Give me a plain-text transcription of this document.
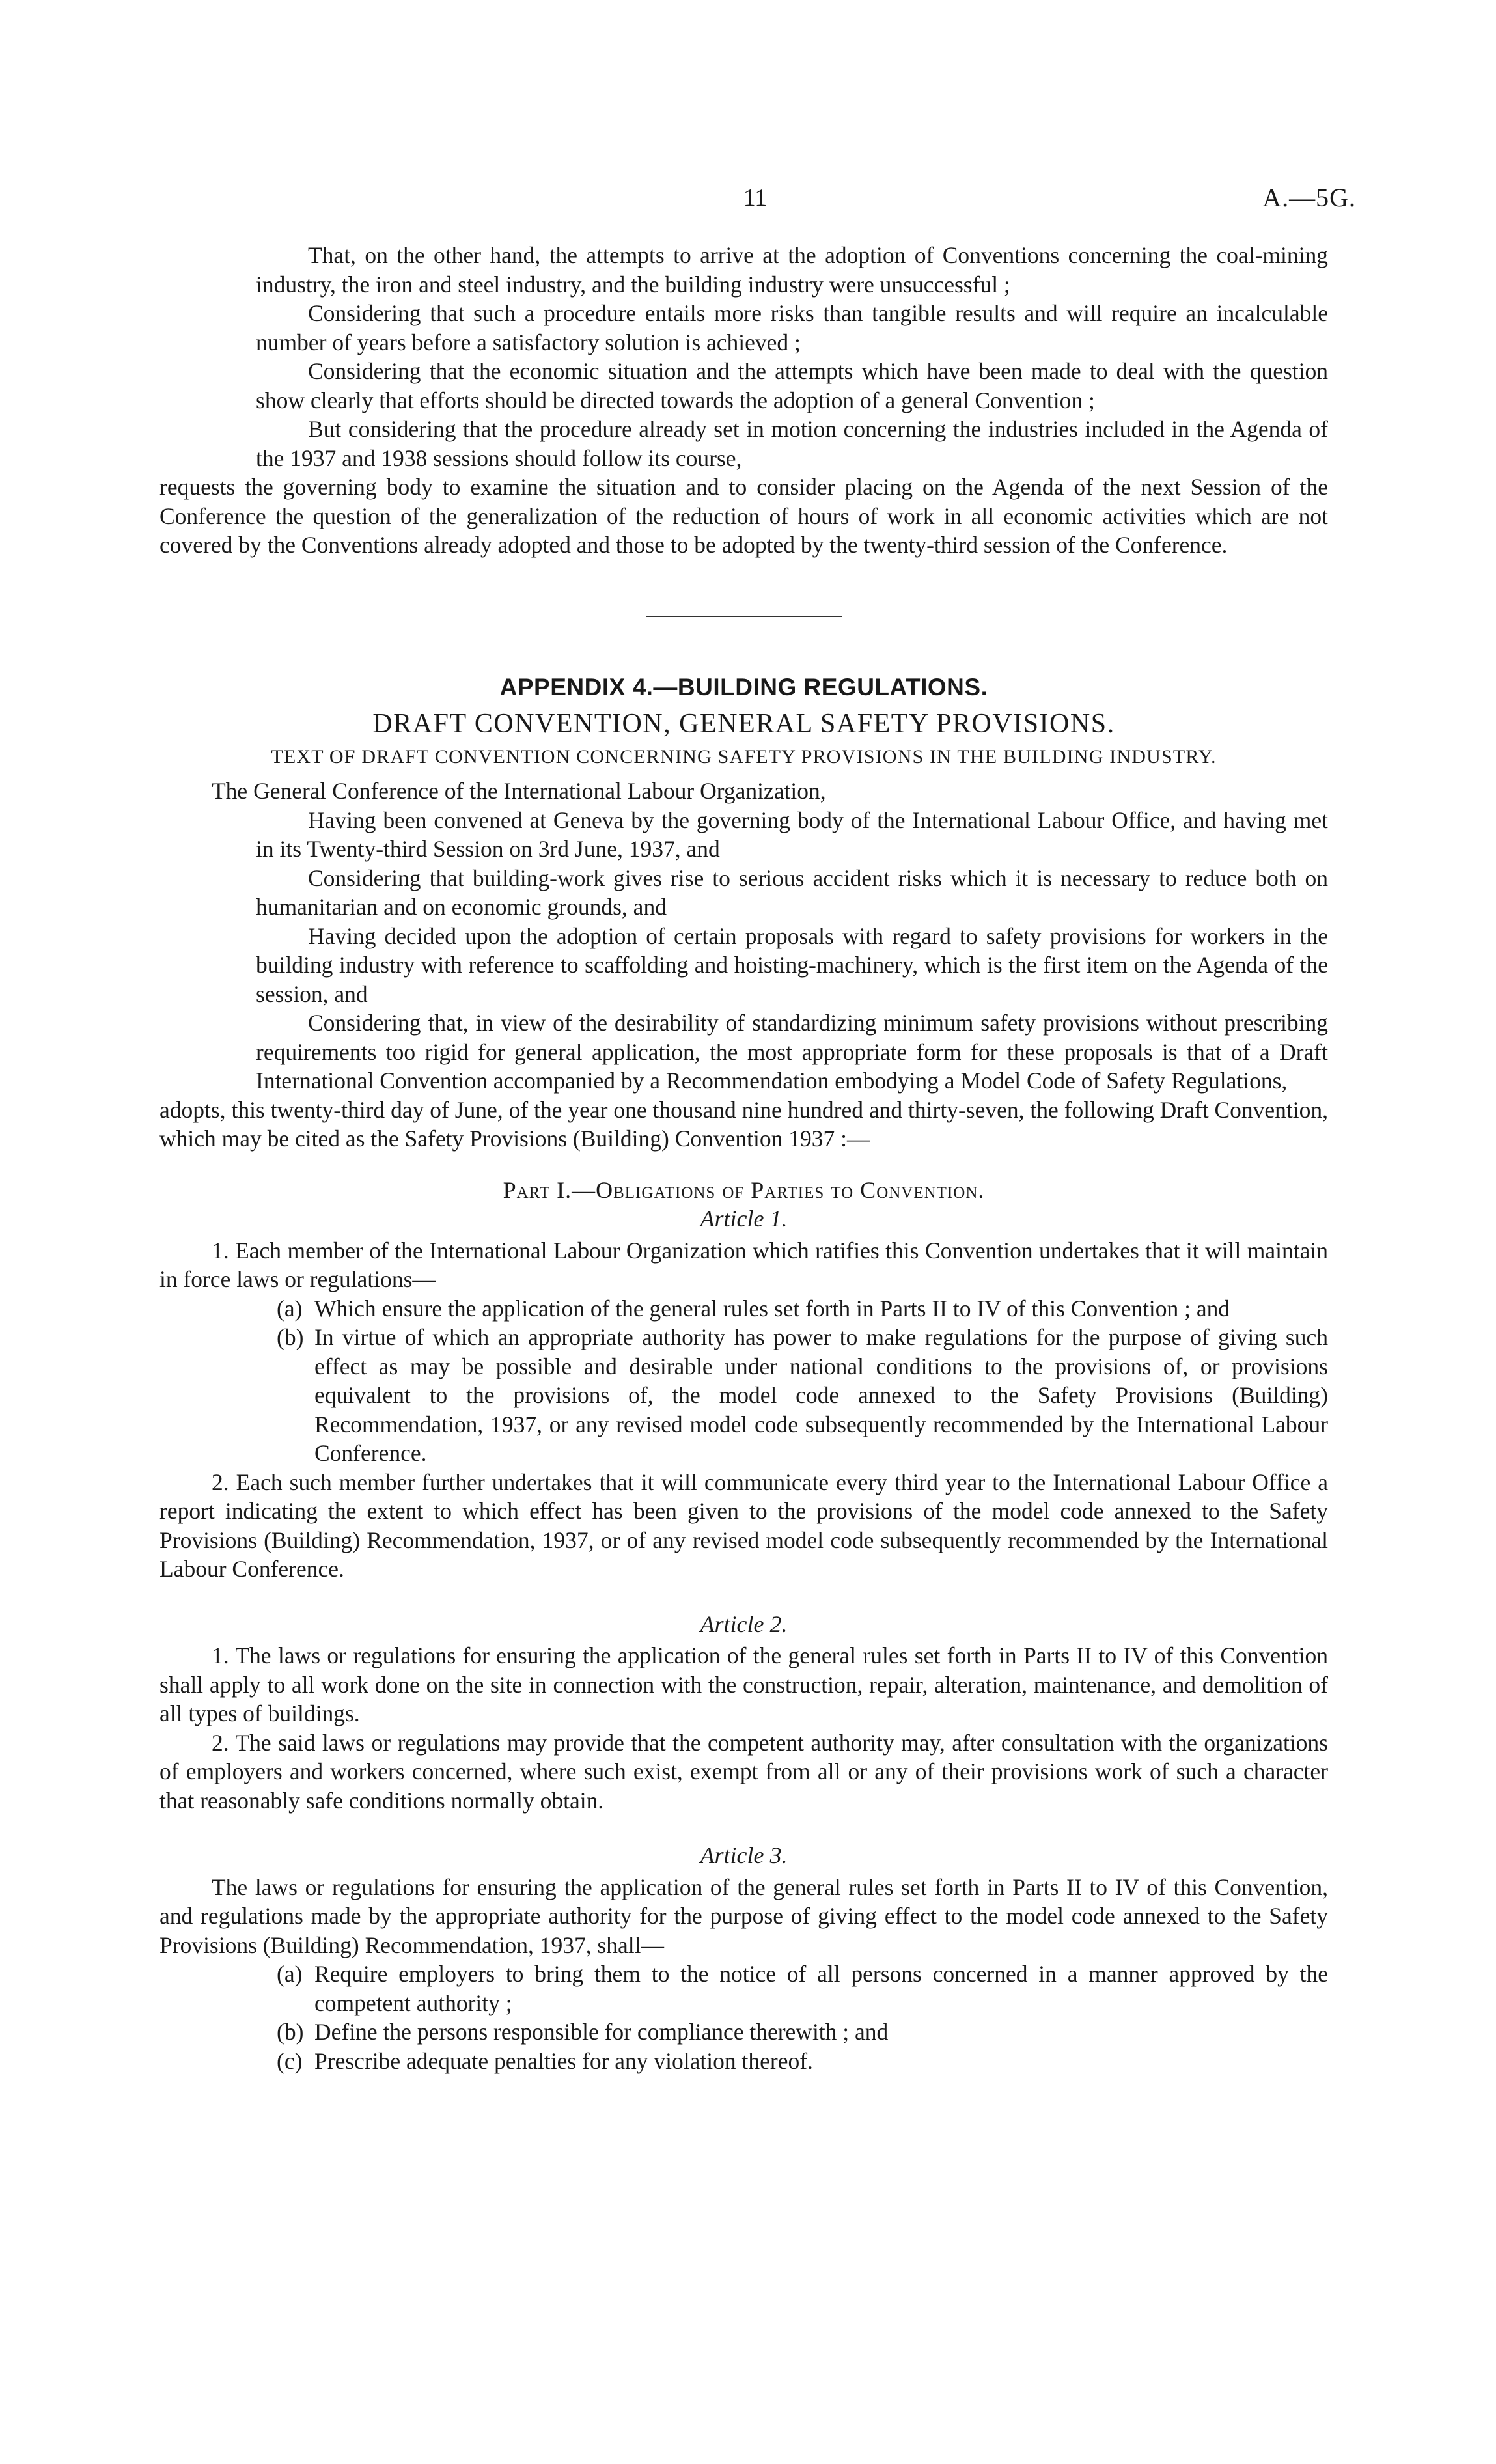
11	A.—5G.

That, on the other hand, the attempts to arrive at the adoption of Conventions concerning the coal-mining industry, the iron and steel industry, and the building industry were unsuccessful ;

Considering that such a procedure entails more risks than tangible results and will require an incalculable number of years before a satisfactory solution is achieved ;

Considering that the economic situation and the attempts which have been made to deal with the question show clearly that efforts should be directed towards the adoption of a general Convention ;

But considering that the procedure already set in motion concerning the industries included in the Agenda of the 1937 and 1938 sessions should follow its course,

requests the governing body to examine the situation and to consider placing on the Agenda of the next Session of the Conference the question of the generalization of the reduction of hours of work in all economic activities which are not covered by the Conventions already adopted and those to be adopted by the twenty-third session of the Conference.

APPENDIX 4.—BUILDING REGULATIONS.
DRAFT CONVENTION, GENERAL SAFETY PROVISIONS.
TEXT OF DRAFT CONVENTION CONCERNING SAFETY PROVISIONS IN THE BUILDING INDUSTRY.

The General Conference of the International Labour Organization,

Having been convened at Geneva by the governing body of the International Labour Office, and having met in its Twenty-third Session on 3rd June, 1937, and

Considering that building-work gives rise to serious accident risks which it is necessary to reduce both on humanitarian and on economic grounds, and

Having decided upon the adoption of certain proposals with regard to safety provisions for workers in the building industry with reference to scaffolding and hoisting-machinery, which is the first item on the Agenda of the session, and

Considering that, in view of the desirability of standardizing minimum safety provisions without prescribing requirements too rigid for general application, the most appropriate form for these proposals is that of a Draft International Convention accompanied by a Recommendation embodying a Model Code of Safety Regulations,

adopts, this twenty-third day of June, of the year one thousand nine hundred and thirty-seven, the following Draft Convention, which may be cited as the Safety Provisions (Building) Convention 1937 :—

Part I.—Obligations of Parties to Convention.
Article 1.

1. Each member of the International Labour Organization which ratifies this Convention undertakes that it will maintain in force laws or regulations—

(a) Which ensure the application of the general rules set forth in Parts II to IV of this Convention ; and

(b) In virtue of which an appropriate authority has power to make regulations for the purpose of giving such effect as may be possible and desirable under national conditions to the provisions of, or provisions equivalent to the provisions of, the model code annexed to the Safety Provisions (Building) Recommendation, 1937, or any revised model code subsequently recommended by the International Labour Conference.

2. Each such member further undertakes that it will communicate every third year to the International Labour Office a report indicating the extent to which effect has been given to the provisions of the model code annexed to the Safety Provisions (Building) Recommendation, 1937, or of any revised model code subsequently recommended by the International Labour Conference.

Article 2.

1. The laws or regulations for ensuring the application of the general rules set forth in Parts II to IV of this Convention shall apply to all work done on the site in connection with the construction, repair, alteration, maintenance, and demolition of all types of buildings.

2. The said laws or regulations may provide that the competent authority may, after consultation with the organizations of employers and workers concerned, where such exist, exempt from all or any of their provisions work of such a character that reasonably safe conditions normally obtain.

Article 3.

The laws or regulations for ensuring the application of the general rules set forth in Parts II to IV of this Convention, and regulations made by the appropriate authority for the purpose of giving effect to the model code annexed to the Safety Provisions (Building) Recommendation, 1937, shall—

(a) Require employers to bring them to the notice of all persons concerned in a manner approved by the competent authority ;

(b) Define the persons responsible for compliance therewith ; and

(c) Prescribe adequate penalties for any violation thereof.
